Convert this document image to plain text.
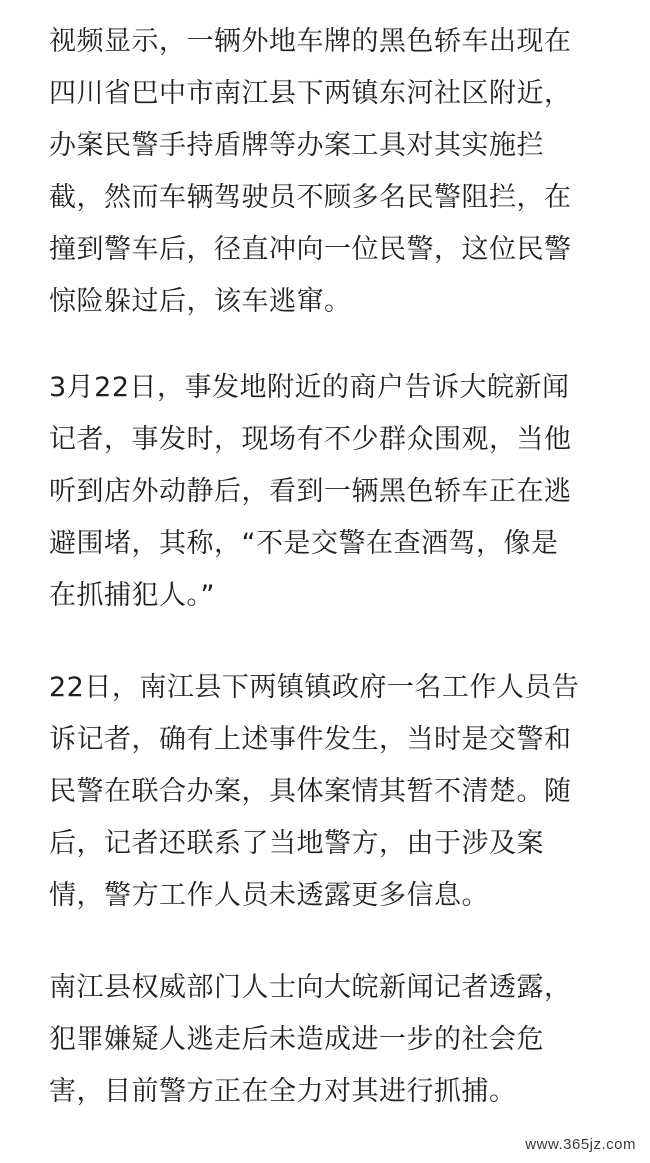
视频显示，一辆外地车牌的黑色轿车出现在
四川省巴中市南江县下两镇东河社区附近，
办案民警手持盾牌等办案工具对其实施拦
截，然而车辆驾驶员不顾多名民警阻拦，在
撞到警车后，径直冲向一位民警，这位民警
惊险躲过后，该车逃窜。
3月22日，事发地附近的商户告诉大皖新闻
记者，事发时，现场有不少群众围观，当他
听到店外动静后，看到一辆黑色轿车正在逃
避围堵，其称，“不是交警在查酒驾，像是
在抓捕犯人。”
22日，南江县下两镇镇政府一名工作人员告
诉记者，确有上述事件发生，当时是交警和
民警在联合办案，具体案情其暂不清楚。随
后，记者还联系了当地警方，由于涉及案
情，警方工作人员未透露更多信息。
南江县权威部门人士向大皖新闻记者透露，
犯罪嫌疑人逃走后未造成进一步的社会危
害，目前警方正在全力对其进行抓捕。
www.365jz.com
